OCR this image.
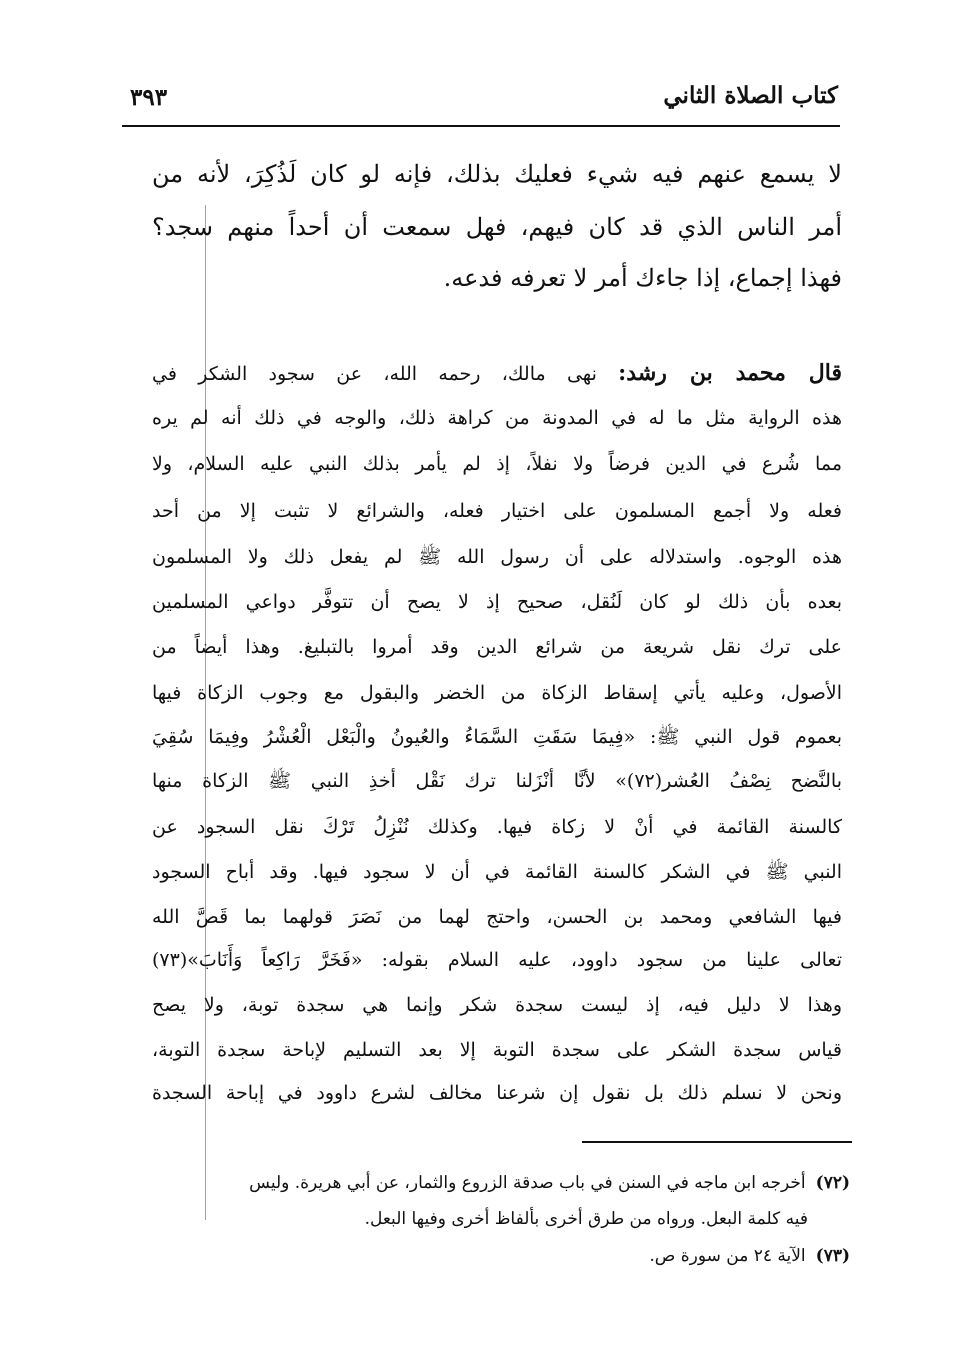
كتاب الصلاة الثاني
٣٩٣
لا يسمع عنهم فيه شيء فعليك بذلك، فإنه لو كان لَذُكِرَ، لأنه من
أمر الناس الذي قد كان فيهم، فهل سمعت أن أحداً منهم سجد؟
فهذا إجماع، إذا جاءك أمر لا تعرفه فدعه.
قال محمد بن رشد: نهى مالك، رحمه الله، عن سجود الشكر في
هذه الرواية مثل ما له في المدونة من كراهة ذلك، والوجه في ذلك أنه لم يره
مما شُرع في الدين فرضاً ولا نفلاً، إذ لم يأمر بذلك النبي عليه السلام، ولا
فعله ولا أجمع المسلمون على اختيار فعله، والشرائع لا تثبت إلا من أحد
هذه الوجوه. واستدلاله على أن رسول الله ﷺ لم يفعل ذلك ولا المسلمون
بعده بأن ذلك لو كان لَنُقل، صحيح إذ لا يصح أن تتوفَّر دواعي المسلمين
على ترك نقل شريعة من شرائع الدين وقد أمروا بالتبليغ. وهذا أيضاً من
الأصول، وعليه يأتي إسقاط الزكاة من الخضر والبقول مع وجوب الزكاة فيها
بعموم قول النبي ﷺ: «فِيمَا سَقَتِ السَّمَاءُ والعُيونُ والْبَعْل الْعُشْرُ وفِيمَا سُقِيَ
بالنَّضح نِصْفُ العُشر(٧٢)» لأنَّا أنْزَلنا ترك نَقْل أخذِ النبي ﷺ الزكاة منها
كالسنة القائمة في أنْ لا زكاة فيها. وكذلك نُنْزِلُ تَرْكَ نقل السجود عن
النبي ﷺ في الشكر كالسنة القائمة في أن لا سجود فيها. وقد أباح السجود
فيها الشافعي ومحمد بن الحسن، واحتج لهما من نَصَرَ قولهما بما قَصَّ الله
تعالى علينا من سجود داوود، عليه السلام بقوله: «فَخَرَّ رَاكِعاً وَأَنَابَ»(٧٣)
وهذا لا دليل فيه، إذ ليست سجدة شكر وإنما هي سجدة توبة، ولا يصح
قياس سجدة الشكر على سجدة التوبة إلا بعد التسليم لإباحة سجدة التوبة،
ونحن لا نسلم ذلك بل نقول إن شرعنا مخالف لشرع داوود في إباحة السجدة
(٧٢)أخرجه ابن ماجه في السنن في باب صدقة الزروع والثمار، عن أبي هريرة. وليس
فيه كلمة البعل. ورواه من طرق أخرى بألفاظ أخرى وفيها البعل.
(٧٣)الآية ٢٤ من سورة ص.
